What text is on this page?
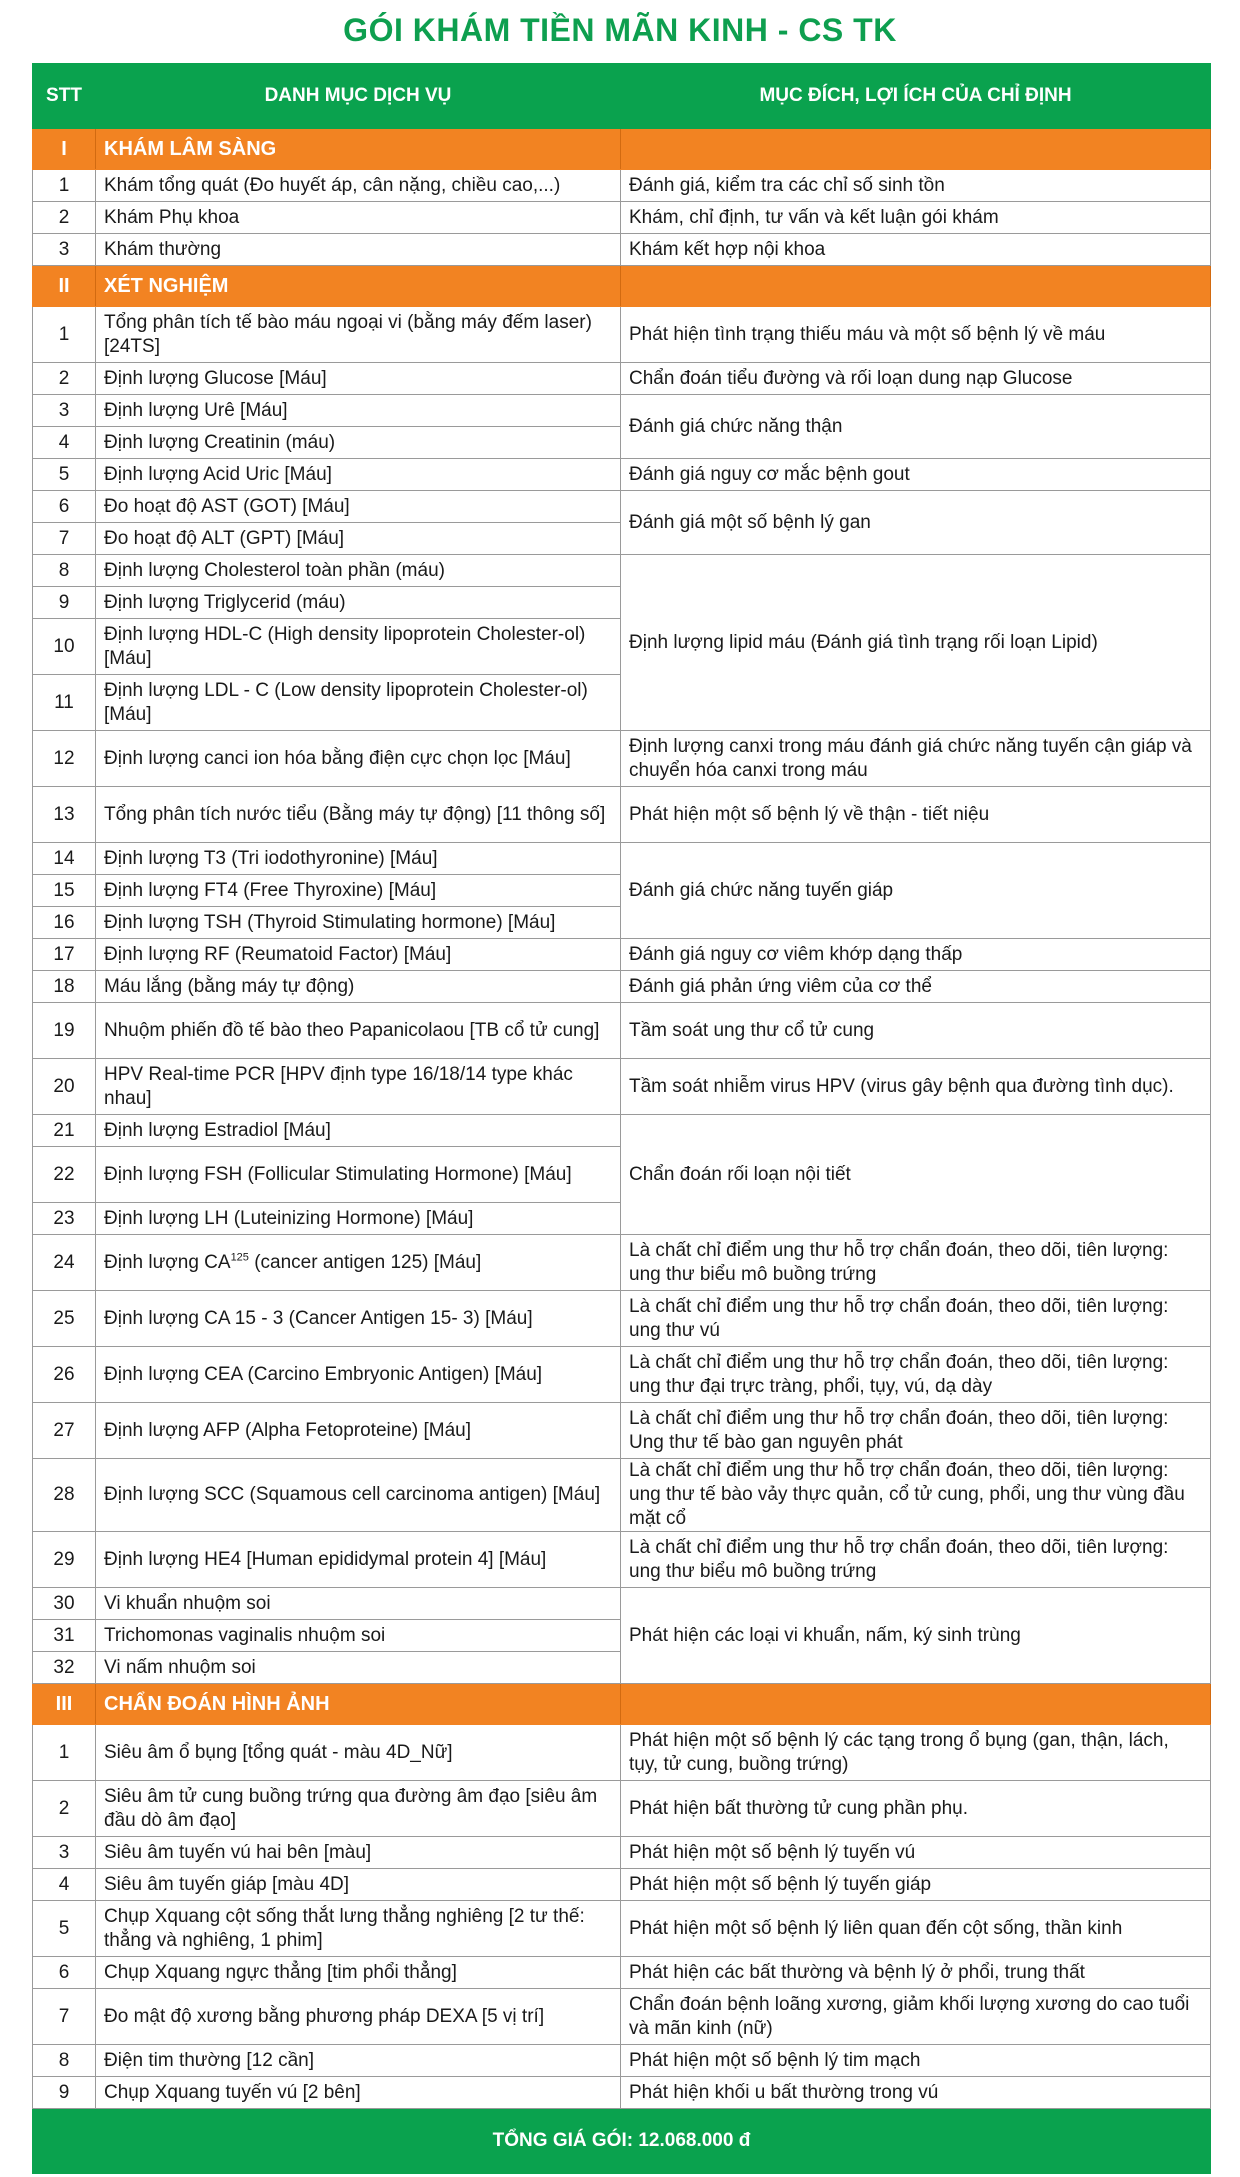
GÓI KHÁM TIỀN MÃN KINH - CS TK
STT	DANH MỤC DỊCH VỤ	MỤC ĐÍCH, LỢI ÍCH CỦA CHỈ ĐỊNH
I	KHÁM LÂM SÀNG	
1	Khám tổng quát (Đo huyết áp, cân nặng, chiều cao,...)	Đánh giá, kiểm tra các chỉ số sinh tồn
2	Khám Phụ khoa	Khám, chỉ định, tư vấn và kết luận gói khám
3	Khám thường	Khám kết hợp nội khoa
II	XÉT NGHIỆM	
1	Tổng phân tích tế bào máu ngoại vi (bằng máy đếm laser) [24TS]	Phát hiện tình trạng thiếu máu và một số bệnh lý về máu
2	Định lượng Glucose [Máu]	Chẩn đoán tiểu đường và rối loạn dung nạp Glucose
3	Định lượng Urê [Máu]	Đánh giá chức năng thận
4	Định lượng Creatinin (máu)	
5	Định lượng Acid Uric [Máu]	Đánh giá nguy cơ mắc bệnh gout
6	Đo hoạt độ AST (GOT) [Máu]	Đánh giá một số bệnh lý gan
7	Đo hoạt độ ALT (GPT) [Máu]	
8	Định lượng Cholesterol toàn phần (máu)	Định lượng lipid máu (Đánh giá tình trạng rối loạn Lipid)
9	Định lượng Triglycerid (máu)	
10	Định lượng HDL-C (High density lipoprotein Cholester-ol) [Máu]	
11	Định lượng LDL - C (Low density lipoprotein Cholester-ol) [Máu]	
12	Định lượng canci ion hóa bằng điện cực chọn lọc [Máu]	Định lượng canxi trong máu đánh giá chức năng tuyến cận giáp và chuyển hóa canxi trong máu
13	Tổng phân tích nước tiểu (Bằng máy tự động) [11 thông số]	Phát hiện một số bệnh lý về thận - tiết niệu
14	Định lượng T3 (Tri iodothyronine) [Máu]	Đánh giá chức năng tuyến giáp
15	Định lượng FT4 (Free Thyroxine) [Máu]	
16	Định lượng TSH (Thyroid Stimulating hormone) [Máu]	
17	Định lượng RF (Reumatoid Factor) [Máu]	Đánh giá nguy cơ viêm khớp dạng thấp
18	Máu lắng (bằng máy tự động)	Đánh giá phản ứng viêm của cơ thể
19	Nhuộm phiến đồ tế bào theo Papanicolaou [TB cổ tử cung]	Tầm soát ung thư cổ tử cung
20	HPV Real-time PCR [HPV định type 16/18/14 type khác nhau]	Tầm soát nhiễm virus HPV (virus gây bệnh qua đường tình dục).
21	Định lượng Estradiol [Máu]	Chẩn đoán rối loạn nội tiết
22	Định lượng FSH (Follicular Stimulating Hormone) [Máu]	
23	Định lượng LH (Luteinizing Hormone) [Máu]	
24	Định lượng CA$^{125}$ (cancer antigen 125) [Máu]	Là chất chỉ điểm ung thư hỗ trợ chẩn đoán, theo dõi, tiên lượng: ung thư biểu mô buồng trứng
25	Định lượng CA 15 - 3 (Cancer Antigen 15- 3) [Máu]	Là chất chỉ điểm ung thư hỗ trợ chẩn đoán, theo dõi, tiên lượng: ung thư vú
26	Định lượng CEA (Carcino Embryonic Antigen) [Máu]	Là chất chỉ điểm ung thư hỗ trợ chẩn đoán, theo dõi, tiên lượng: ung thư đại trực tràng, phổi, tụy, vú, dạ dày
27	Định lượng AFP (Alpha Fetoproteine) [Máu]	Là chất chỉ điểm ung thư hỗ trợ chẩn đoán, theo dõi, tiên lượng: Ung thư tế bào gan nguyên phát
28	Định lượng SCC (Squamous cell carcinoma antigen) [Máu]	Là chất chỉ điểm ung thư hỗ trợ chẩn đoán, theo dõi, tiên lượng: ung thư tế bào vảy thực quản, cổ tử cung, phổi, ung thư vùng đầu mặt cổ
29	Định lượng HE4 [Human epididymal protein 4] [Máu]	Là chất chỉ điểm ung thư hỗ trợ chẩn đoán, theo dõi, tiên lượng: ung thư biểu mô buồng trứng
30	Vi khuẩn nhuộm soi	Phát hiện các loại vi khuẩn, nấm, ký sinh trùng
31	Trichomonas vaginalis nhuộm soi	
32	Vi nấm nhuộm soi	
III	CHẨN ĐOÁN HÌNH ẢNH	
1	Siêu âm ổ bụng [tổng quát - màu 4D_Nữ]	Phát hiện một số bệnh lý các tạng trong ổ bụng (gan, thận, lách, tụy, tử cung, buồng trứng)
2	Siêu âm tử cung buồng trứng qua đường âm đạo [siêu âm đầu dò âm đạo]	Phát hiện bất thường tử cung phần phụ.
3	Siêu âm tuyến vú hai bên [màu]	Phát hiện một số bệnh lý tuyến vú
4	Siêu âm tuyến giáp [màu 4D]	Phát hiện một số bệnh lý tuyến giáp
5	Chụp Xquang cột sống thắt lưng thẳng nghiêng [2 tư thế: thẳng và nghiêng, 1 phim]	Phát hiện một số bệnh lý liên quan đến cột sống, thần kinh
6	Chụp Xquang ngực thẳng [tim phổi thẳng]	Phát hiện các bất thường và bệnh lý ở phổi, trung thất
7	Đo mật độ xương bằng phương pháp DEXA [5 vị trí]	Chẩn đoán bệnh loãng xương, giảm khối lượng xương do cao tuổi và mãn kinh (nữ)
8	Điện tim thường [12 cần]	Phát hiện một số bệnh lý tim mạch
9	Chụp Xquang tuyến vú [2 bên]	Phát hiện khối u bất thường trong vú
TỔNG GIÁ GÓI: 12.068.000 đ		
